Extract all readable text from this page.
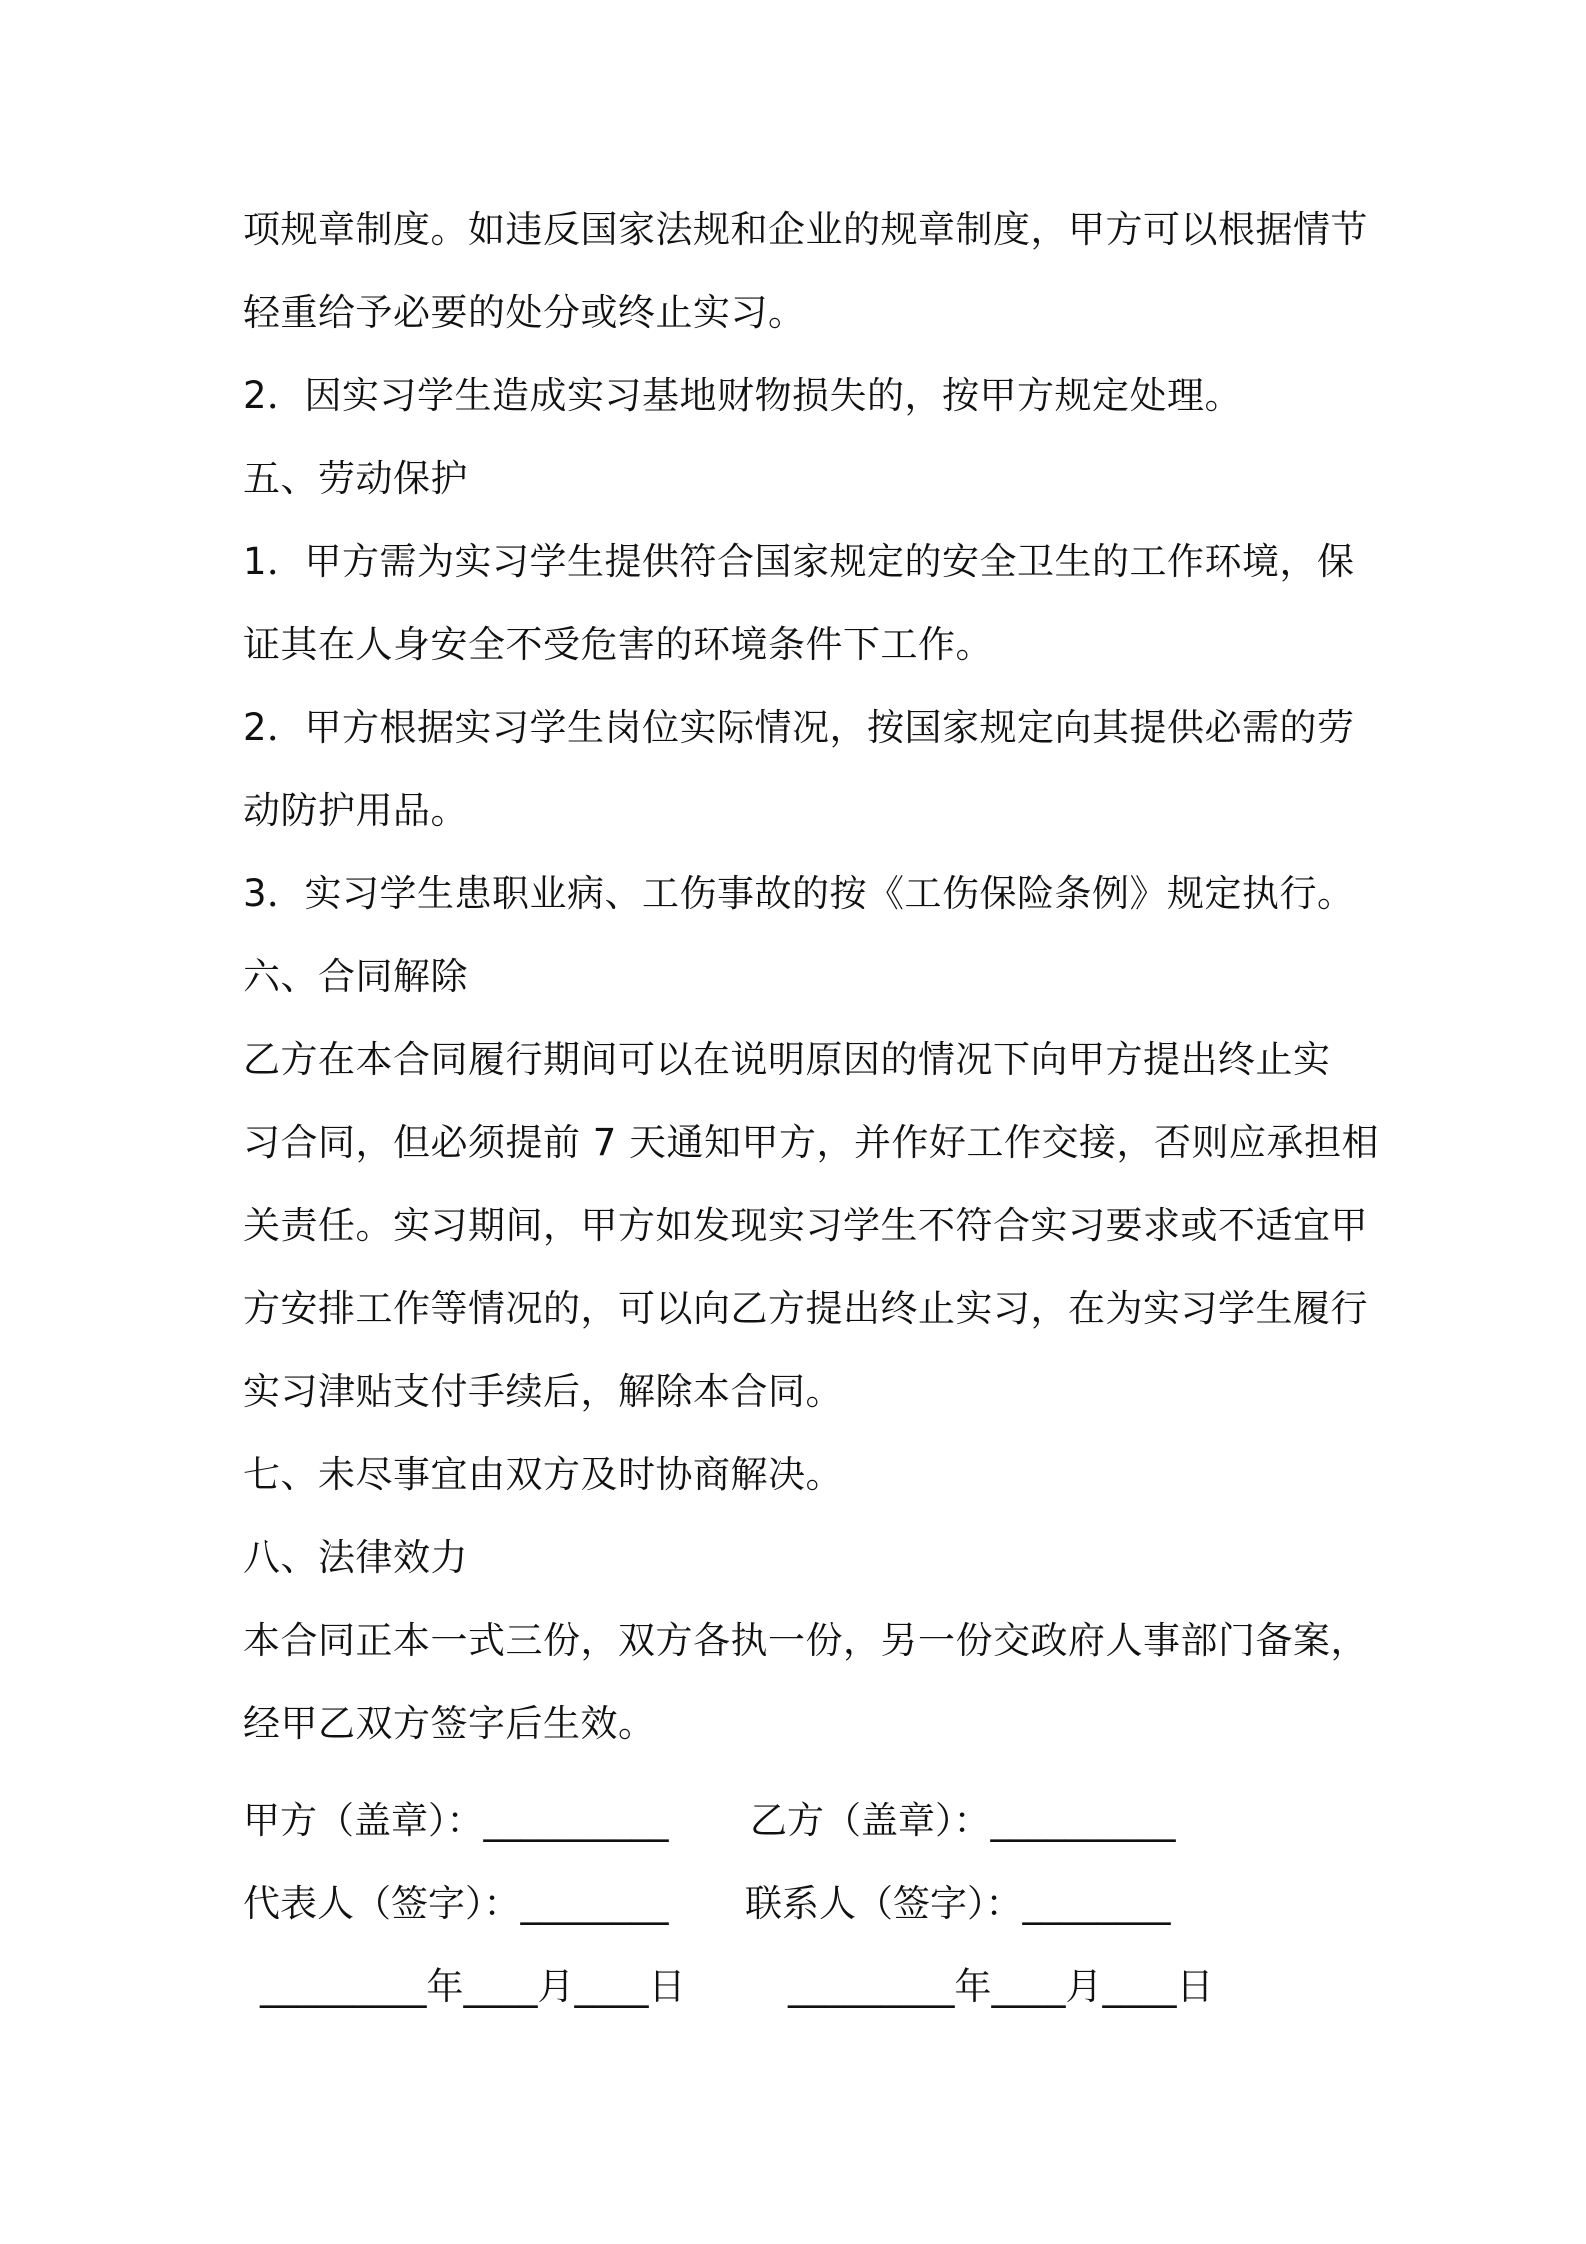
项规章制度。如违反国家法规和企业的规章制度，甲方可以根据情节
轻重给予必要的处分或终止实习。
2．因实习学生造成实习基地财物损失的，按甲方规定处理。
五、劳动保护
1．甲方需为实习学生提供符合国家规定的安全卫生的工作环境，保
证其在人身安全不受危害的环境条件下工作。
2．甲方根据实习学生岗位实际情况，按国家规定向其提供必需的劳
动防护用品。
3．实习学生患职业病、工伤事故的按《工伤保险条例》规定执行。
六、合同解除
乙方在本合同履行期间可以在说明原因的情况下向甲方提出终止实
习合同，但必须提前 7 天通知甲方，并作好工作交接，否则应承担相
关责任。实习期间，甲方如发现实习学生不符合实习要求或不适宜甲
方安排工作等情况的，可以向乙方提出终止实习，在为实习学生履行
实习津贴支付手续后，解除本合同。
七、未尽事宜由双方及时协商解决。
八、法律效力
本合同正本一式三份，双方各执一份，另一份交政府人事部门备案，
经甲乙双方签字后生效。
甲方（盖章）：__________ 乙方（盖章）：__________
代表人（签字）：________ 联系人（签字）：________
_________年____月____日	_________年____月____日
